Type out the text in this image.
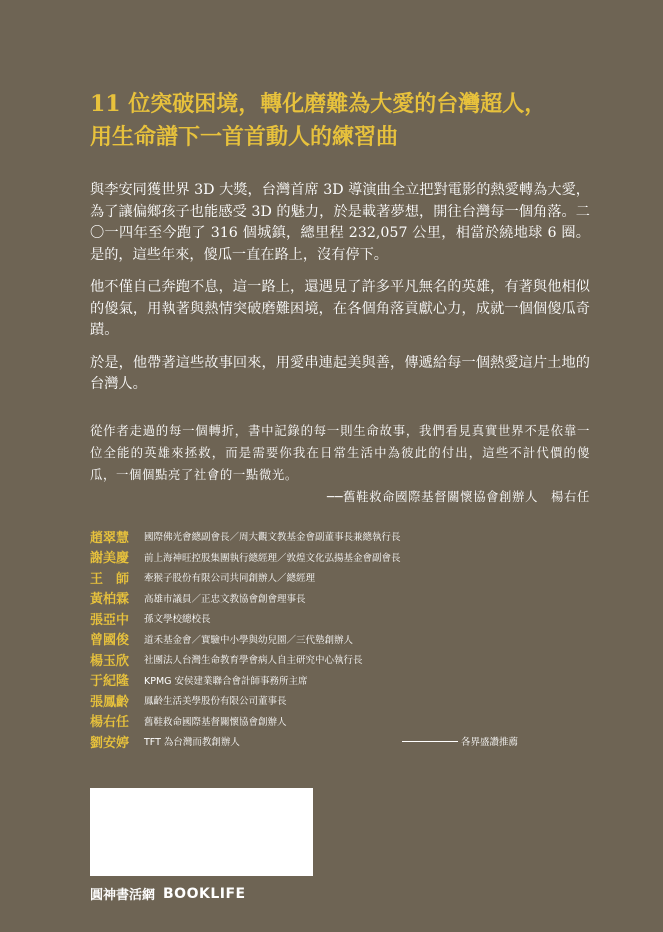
11 位突破困境，轉化磨難為大愛的台灣超人，
用生命譜下一首首動人的練習曲

與李安同獲世界 3D 大獎，台灣首席 3D 導演曲全立把對電影的熱愛轉為大愛，為了讓偏鄉孩子也能感受 3D 的魅力，於是載著夢想，開往台灣每一個角落。二〇一四年至今跑了 316 個城鎮，總里程 232,057 公里，相當於繞地球 6 圈。是的，這些年來，傻瓜一直在路上，沒有停下。

他不僅自己奔跑不息，這一路上，還遇見了許多平凡無名的英雄，有著與他相似的傻氣，用執著與熱情突破磨難困境，在各個角落貢獻心力，成就一個個傻瓜奇蹟。

於是，他帶著這些故事回來，用愛串連起美與善，傳遞給每一個熱愛這片土地的台灣人。

從作者走過的每一個轉折，書中記錄的每一則生命故事，我們看見真實世界不是依靠一位全能的英雄來拯救，而是需要你我在日常生活中為彼此的付出，這些不計代價的傻瓜，一個個點亮了社會的一點微光。
──舊鞋救命國際基督關懷協會創辦人　楊右任
趙翠慧	國際佛光會總副會長／周大觀文教基金會副董事長兼總執行長
謝美慶	前上海神旺控股集團執行總經理／敦煌文化弘揚基金會副會長
王　師	牽猴子股份有限公司共同創辦人／總經理
黃柏霖	高雄市議員／正忠文教協會創會理事長
張亞中	孫文學校總校長
曾國俊	道禾基金會／實驗中小學與幼兒園／三代塾創辦人
楊玉欣	社團法人台灣生命教育學會病人自主研究中心執行長
于紀隆	KPMG 安侯建業聯合會計師事務所主席
張鳳齡	鳳齡生活美學股份有限公司董事長
楊右任	舊鞋救命國際基督關懷協會創辦人
劉安婷	TFT 為台灣而教創辦人	各界盛讚推薦
圓神書活網 BOOKLIFE
